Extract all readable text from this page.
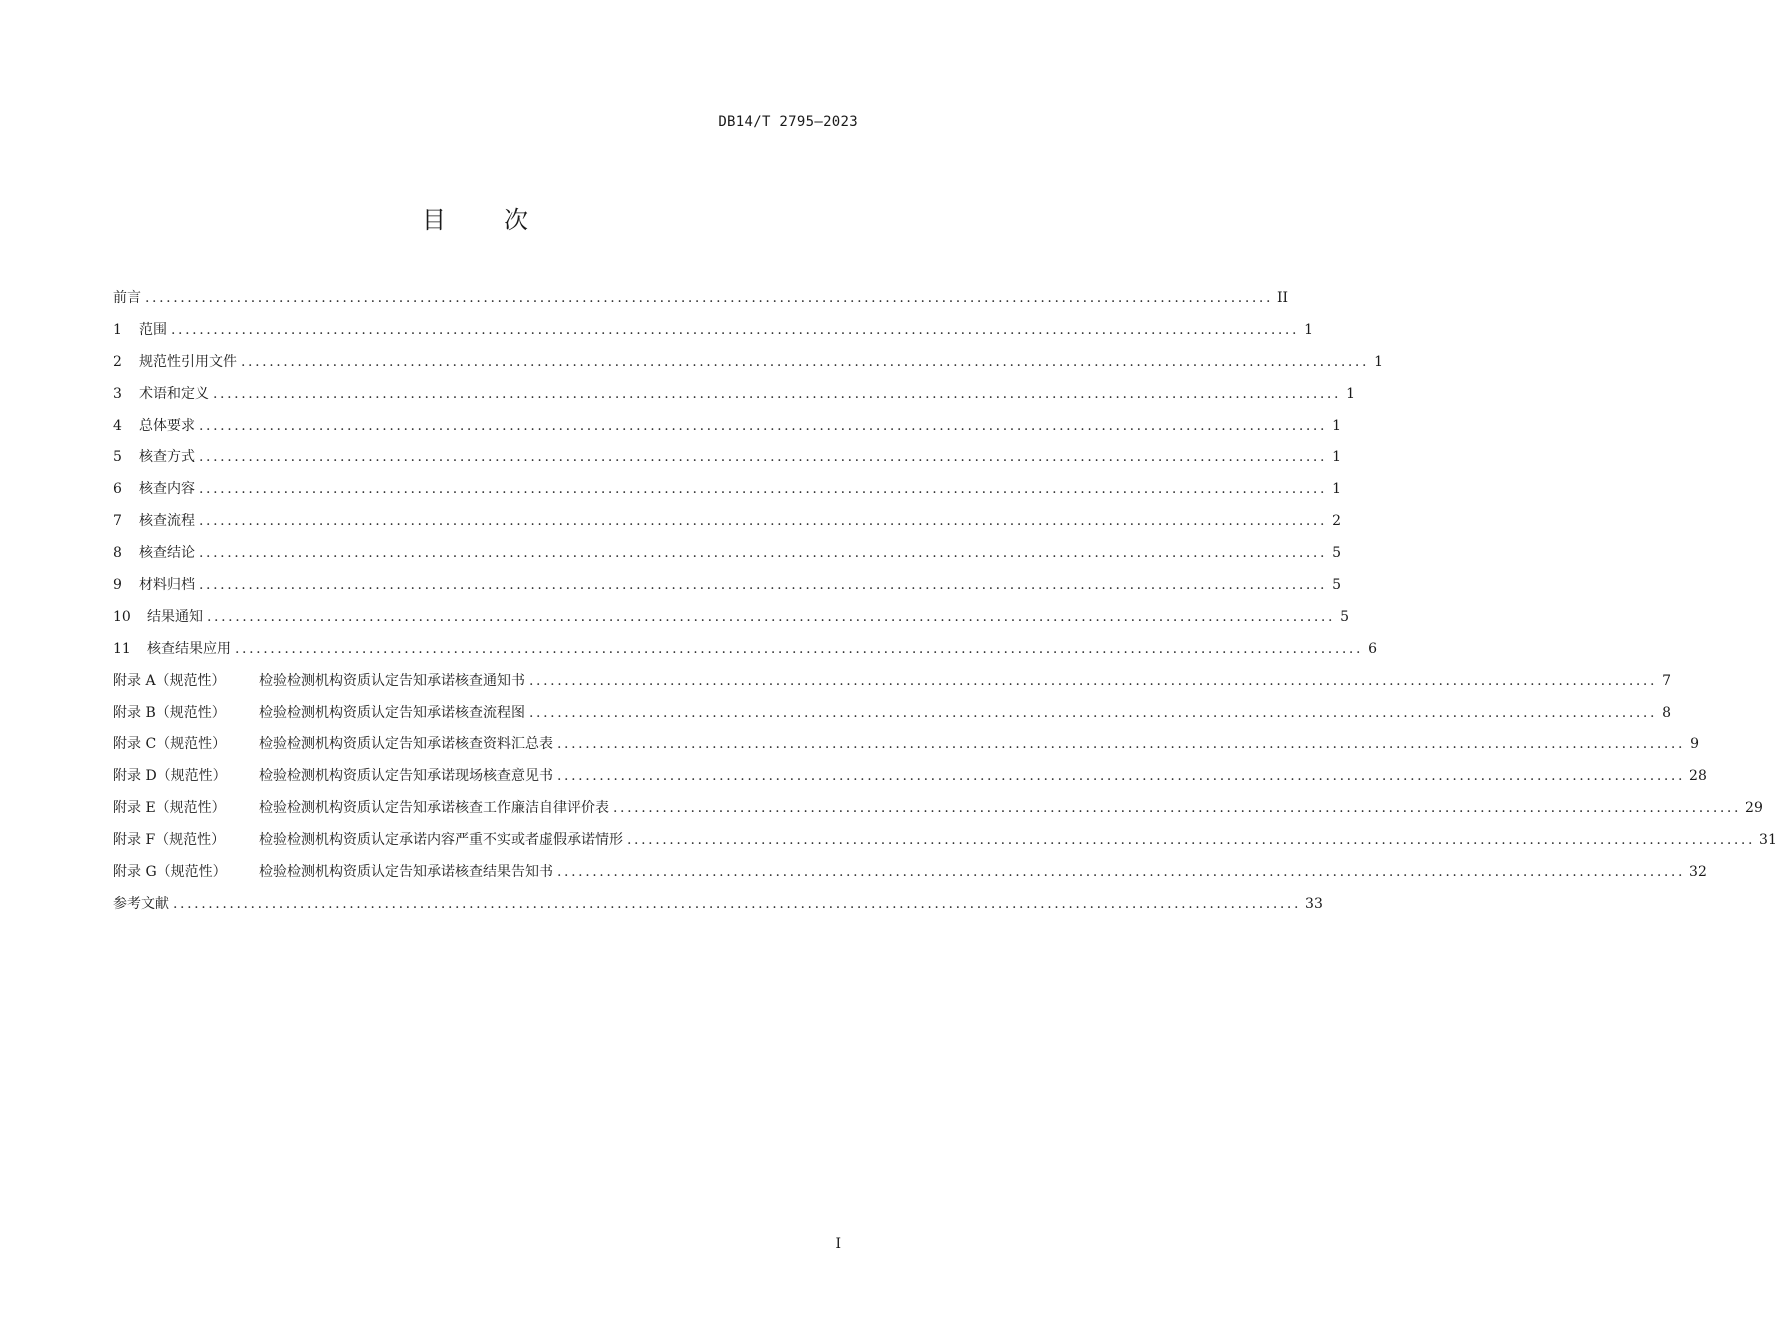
DB14/T 2795—2023
目 次
前言 ................................................................................................................................................................ II
1	范围 ................................................................................................................................................................ 1
2	规范性引用文件 ................................................................................................................................................................ 1
3	术语和定义 ................................................................................................................................................................ 1
4	总体要求 ................................................................................................................................................................ 1
5	核查方式 ................................................................................................................................................................ 1
6	核查内容 ................................................................................................................................................................ 1
7	核查流程 ................................................................................................................................................................ 2
8	核查结论 ................................................................................................................................................................ 5
9	材料归档 ................................................................................................................................................................ 5
10	结果通知 ................................................................................................................................................................ 5
11	核查结果应用 ................................................................................................................................................................ 6
附录 A（规范性）	检验检测机构资质认定告知承诺核查通知书 ................................................................................................................................................................ 7
附录 B（规范性）	检验检测机构资质认定告知承诺核查流程图 ................................................................................................................................................................ 8
附录 C（规范性）	检验检测机构资质认定告知承诺核查资料汇总表 ................................................................................................................................................................ 9
附录 D（规范性）	检验检测机构资质认定告知承诺现场核查意见书 ................................................................................................................................................................ 28
附录 E（规范性）	检验检测机构资质认定告知承诺核查工作廉洁自律评价表 ................................................................................................................................................................ 29
附录 F（规范性）	检验检测机构资质认定承诺内容严重不实或者虚假承诺情形 ................................................................................................................................................................ 31
附录 G（规范性）	检验检测机构资质认定告知承诺核查结果告知书 ................................................................................................................................................................ 32
参考文献 ................................................................................................................................................................ 33
I
